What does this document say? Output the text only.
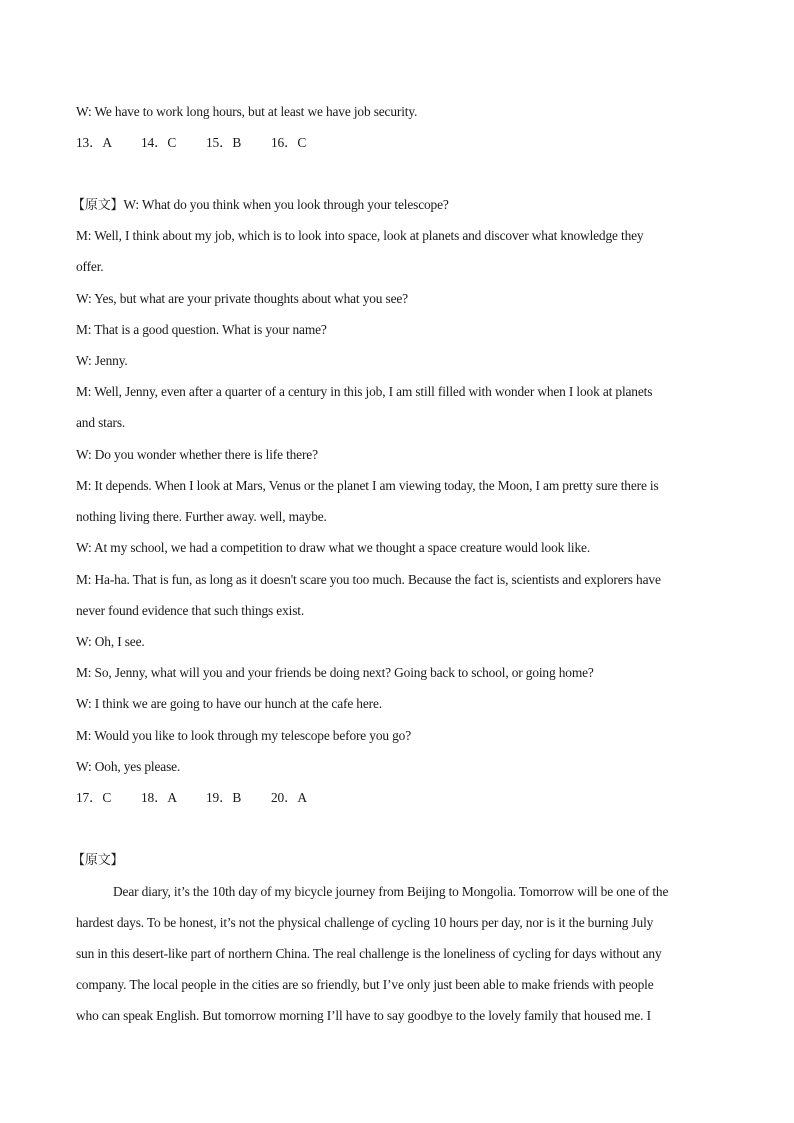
W: We have to work long hours, but at least we have job security.
13．A 14．C 15．B 16．C
【原文】W: What do you think when you look through your telescope?
M: Well, I think about my job, which is to look into space, look at planets and discover what knowledge they
offer.
W: Yes, but what are your private thoughts about what you see?
M: That is a good question. What is your name?
W: Jenny.
M: Well, Jenny, even after a quarter of a century in this job, I am still filled with wonder when I look at planets
and stars.
W: Do you wonder whether there is life there?
M: It depends. When I look at Mars, Venus or the planet I am viewing today, the Moon, I am pretty sure there is
nothing living there. Further away. well, maybe.
W: At my school, we had a competition to draw what we thought a space creature would look like.
M: Ha-ha. That is fun, as long as it doesn't scare you too much. Because the fact is, scientists and explorers have
never found evidence that such things exist.
W: Oh, I see.
M: So, Jenny, what will you and your friends be doing next? Going back to school, or going home?
W: I think we are going to have our hunch at the cafe here.
M: Would you like to look through my telescope before you go?
W: Ooh, yes please.
17．C 18．A 19．B 20．A
【原文】
Dear diary, it’s the 10th day of my bicycle journey from Beijing to Mongolia. Tomorrow will be one of the
hardest days. To be honest, it’s not the physical challenge of cycling 10 hours per day, nor is it the burning July
sun in this desert-like part of northern China. The real challenge is the loneliness of cycling for days without any
company. The local people in the cities are so friendly, but I’ve only just been able to make friends with people
who can speak English. But tomorrow morning I’ll have to say goodbye to the lovely family that housed me. I
